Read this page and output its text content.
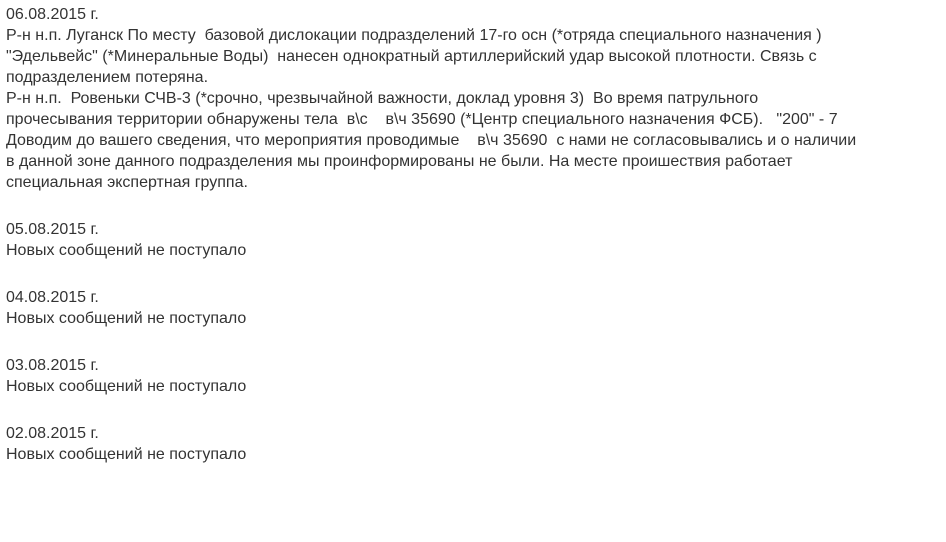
06.08.2015 г.
Р-н н.п. Луганск По месту  базовой дислокации подразделений 17-го осн (*отряда специального назначения )
"Эдельвейс" (*Минеральные Воды)  нанесен однократный артиллерийский удар высокой плотности. Связь с
подразделением потеряна.
Р-н н.п.  Ровеньки СЧВ-3 (*срочно, чрезвычайной важности, доклад уровня 3)  Во время патрульного
прочесывания территории обнаружены тела  в\с    в\ч 35690 (*Центр специального назначения ФСБ).   "200" - 7
Доводим до вашего сведения, что мероприятия проводимые    в\ч 35690  с нами не согласовывались и о наличии
в данной зоне данного подразделения мы проинформированы не были. На месте проишествия работает
специальная экспертная группа.
05.08.2015 г.
Новых сообщений не поступало
04.08.2015 г.
Новых сообщений не поступало
03.08.2015 г.
Новых сообщений не поступало
02.08.2015 г.
Новых сообщений не поступало
